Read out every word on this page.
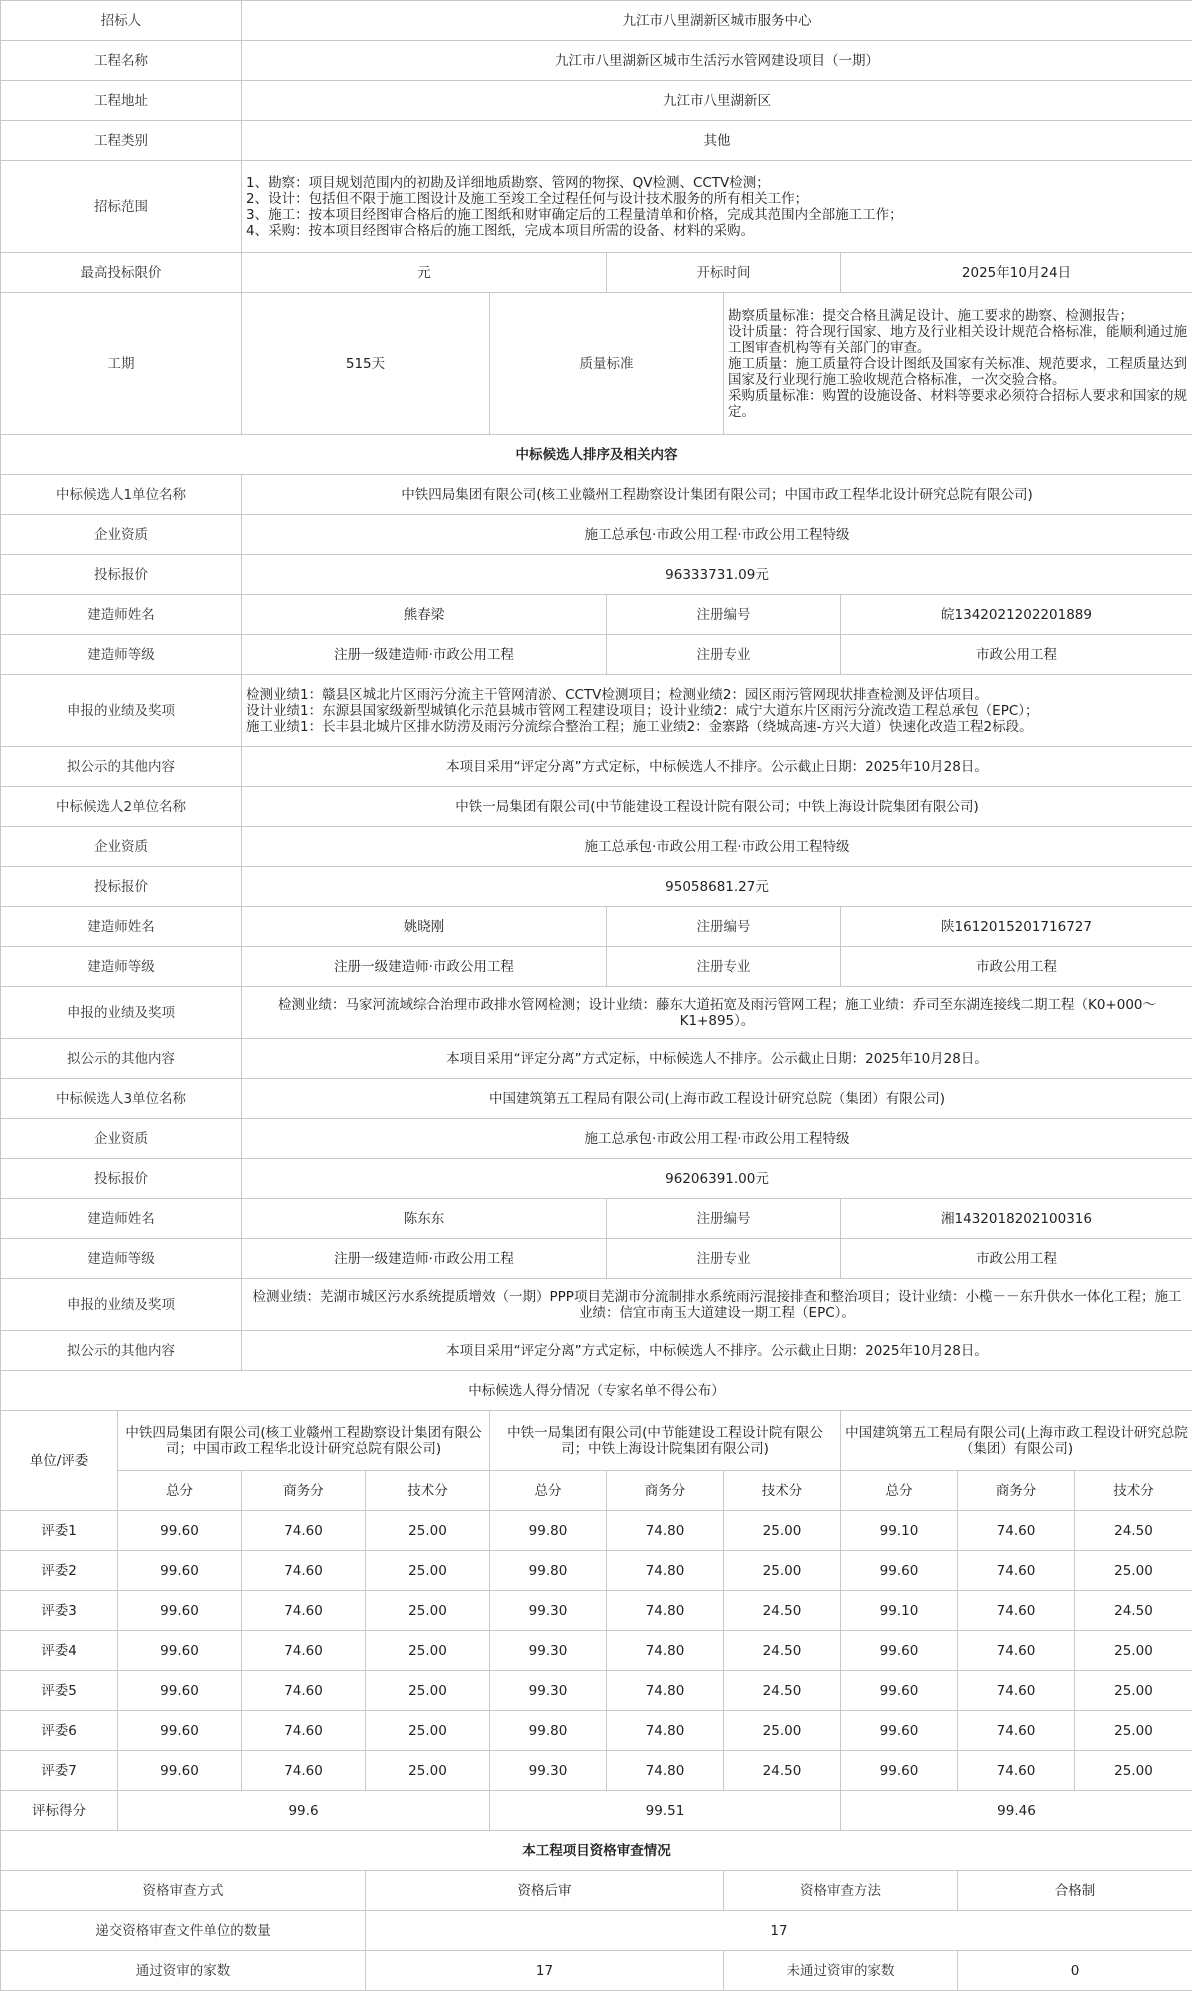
招标人		九江市八里湖新区城市服务中心							
工程名称		九江市八里湖新区城市生活污水管网建设项目（一期）							
工程地址		九江市八里湖新区							
工程类别		其他							
招标范围		1、勘察：项目规划范围内的初勘及详细地质勘察、管网的物探、QV检测、CCTV检测；
2、设计：包括但不限于施工图设计及施工至竣工全过程任何与设计技术服务的所有相关工作；
3、施工：按本项目经图审合格后的施工图纸和财审确定后的工程量清单和价格，完成其范围内全部施工工作；
4、采购：按本项目经图审合格后的施工图纸，完成本项目所需的设备、材料的采购。							
最高投标限价		元			开标时间		2025年10月24日		
工期		515天		质量标准		勘察质量标准：提交合格且满足设计、施工要求的勘察、检测报告；
设计质量：符合现行国家、地方及行业相关设计规范合格标准，能顺利通过施工图审查机构等有关部门的审查。
施工质量：施工质量符合设计图纸及国家有关标准、规范要求，工程质量达到国家及行业现行施工验收规范合格标准，一次交验合格。
采购质量标准：购置的设施设备、材料等要求必须符合招标人要求和国家的规定。			
中标候选人排序及相关内容									
中标候选人1单位名称		中铁四局集团有限公司(核工业赣州工程勘察设计集团有限公司；中国市政工程华北设计研究总院有限公司)							
企业资质		施工总承包·市政公用工程·市政公用工程特级							
投标报价		96333731.09元							
建造师姓名		熊春梁			注册编号		皖1342021202201889		
建造师等级		注册一级建造师·市政公用工程			注册专业		市政公用工程		
申报的业绩及奖项		检测业绩1：赣县区城北片区雨污分流主干管网清淤、CCTV检测项目；检测业绩2：园区雨污管网现状排查检测及评估项目。
设计业绩1：东源县国家级新型城镇化示范县城市管网工程建设项目；设计业绩2：咸宁大道东片区雨污分流改造工程总承包（EPC）；
施工业绩1：长丰县北城片区排水防涝及雨污分流综合整治工程；施工业绩2：金寨路（绕城高速-方兴大道）快速化改造工程2标段。							
拟公示的其他内容		本项目采用“评定分离”方式定标，中标候选人不排序。公示截止日期：2025年10月28日。							
中标候选人2单位名称		中铁一局集团有限公司(中节能建设工程设计院有限公司；中铁上海设计院集团有限公司)							
企业资质		施工总承包·市政公用工程·市政公用工程特级							
投标报价		95058681.27元							
建造师姓名		姚晓刚			注册编号		陕1612015201716727		
建造师等级		注册一级建造师·市政公用工程			注册专业		市政公用工程		
申报的业绩及奖项		检测业绩：马家河流域综合治理市政排水管网检测；设计业绩：藤东大道拓宽及雨污管网工程；施工业绩：乔司至东湖连接线二期工程（K0+000～K1+895）。							
拟公示的其他内容		本项目采用“评定分离”方式定标，中标候选人不排序。公示截止日期：2025年10月28日。							
中标候选人3单位名称		中国建筑第五工程局有限公司(上海市政工程设计研究总院（集团）有限公司)							
企业资质		施工总承包·市政公用工程·市政公用工程特级							
投标报价		96206391.00元							
建造师姓名		陈东东			注册编号		湘1432018202100316		
建造师等级		注册一级建造师·市政公用工程			注册专业		市政公用工程		
申报的业绩及奖项		检测业绩：芜湖市城区污水系统提质增效（一期）PPP项目芜湖市分流制排水系统雨污混接排查和整治项目；设计业绩：小榄－－东升供水一体化工程；施工业绩：信宜市南玉大道建设一期工程（EPC）。							
拟公示的其他内容		本项目采用“评定分离”方式定标，中标候选人不排序。公示截止日期：2025年10月28日。							
中标候选人得分情况（专家名单不得公布）									
单位/评委	中铁四局集团有限公司(核工业赣州工程勘察设计集团有限公司；中国市政工程华北设计研究总院有限公司)			中铁一局集团有限公司(中节能建设工程设计院有限公司；中铁上海设计院集团有限公司)			中国建筑第五工程局有限公司(上海市政工程设计研究总院（集团）有限公司)		
	总分	商务分	技术分	总分	商务分	技术分	总分	商务分	技术分
评委1	99.60	74.60	25.00	99.80	74.80	25.00	99.10	74.60	24.50
评委2	99.60	74.60	25.00	99.80	74.80	25.00	99.60	74.60	25.00
评委3	99.60	74.60	25.00	99.30	74.80	24.50	99.10	74.60	24.50
评委4	99.60	74.60	25.00	99.30	74.80	24.50	99.60	74.60	25.00
评委5	99.60	74.60	25.00	99.30	74.80	24.50	99.60	74.60	25.00
评委6	99.60	74.60	25.00	99.80	74.80	25.00	99.60	74.60	25.00
评委7	99.60	74.60	25.00	99.30	74.80	24.50	99.60	74.60	25.00
评标得分	99.6			99.51			99.46		
本工程项目资格审查情况									
资格审查方式			资格后审			资格审查方法		合格制	
递交资格审查文件单位的数量			17						
通过资审的家数			17			未通过资审的家数		0	
